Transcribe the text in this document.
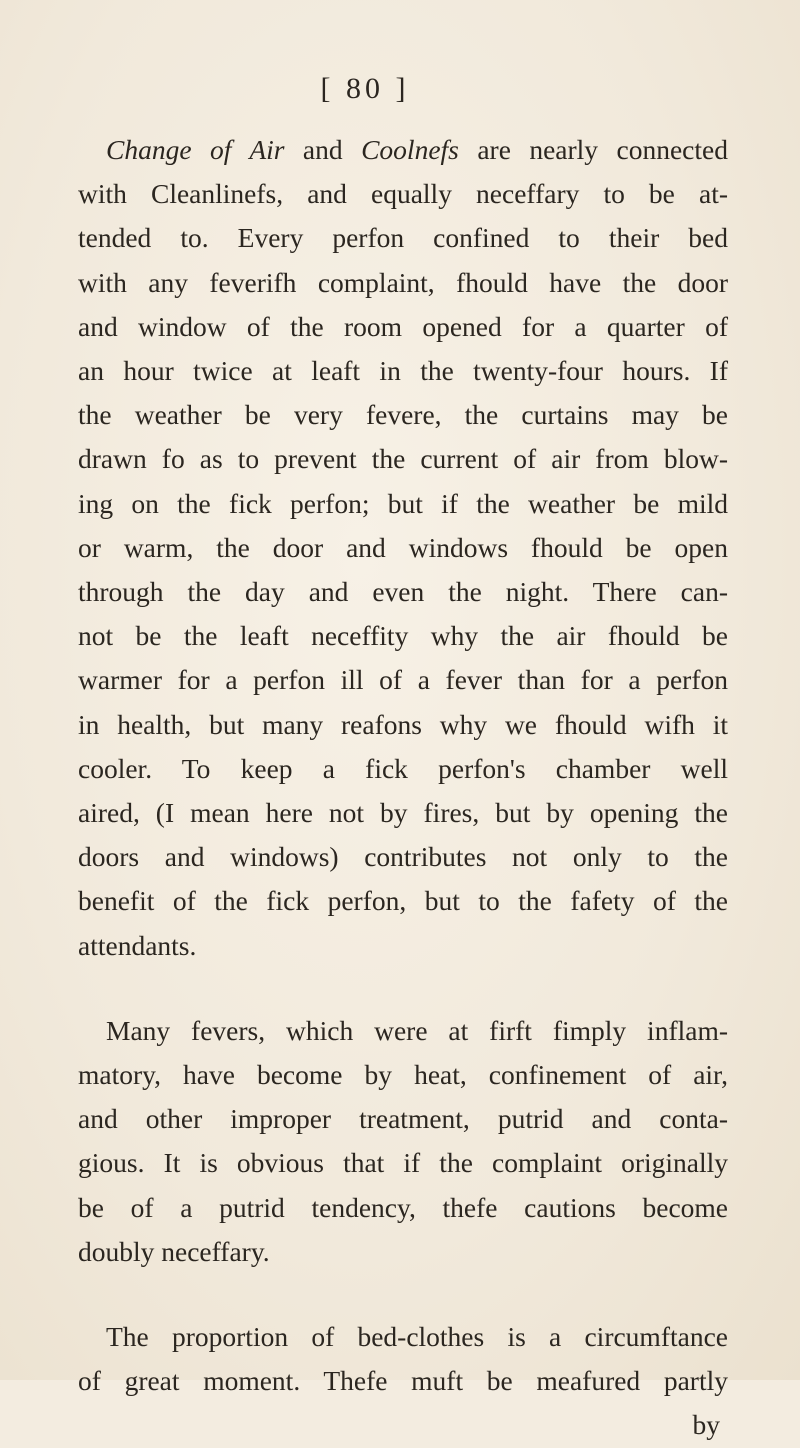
[ 80 ]
Change of Air and Coolnefs are nearly connected
with Cleanlinefs, and equally neceffary to be at-
tended to. Every perfon confined to their bed
with any feverifh complaint, fhould have the door
and window of the room opened for a quarter of
an hour twice at leaft in the twenty-four hours. If
the weather be very fevere, the curtains may be
drawn fo as to prevent the current of air from blow-
ing on the fick perfon; but if the weather be mild
or warm, the door and windows fhould be open
through the day and even the night. There can-
not be the leaft neceffity why the air fhould be
warmer for a perfon ill of a fever than for a perfon
in health, but many reafons why we fhould wifh it
cooler. To keep a fick perfon's chamber well
aired, (I mean here not by fires, but by opening the
doors and windows) contributes not only to the
benefit of the fick perfon, but to the fafety of the
attendants.
Many fevers, which were at firft fimply inflam-
matory, have become by heat, confinement of air,
and other improper treatment, putrid and conta-
gious. It is obvious that if the complaint originally
be of a putrid tendency, thefe cautions become
doubly neceffary.
The proportion of bed-clothes is a circumftance
of great moment. Thefe muft be meafured partly
by
